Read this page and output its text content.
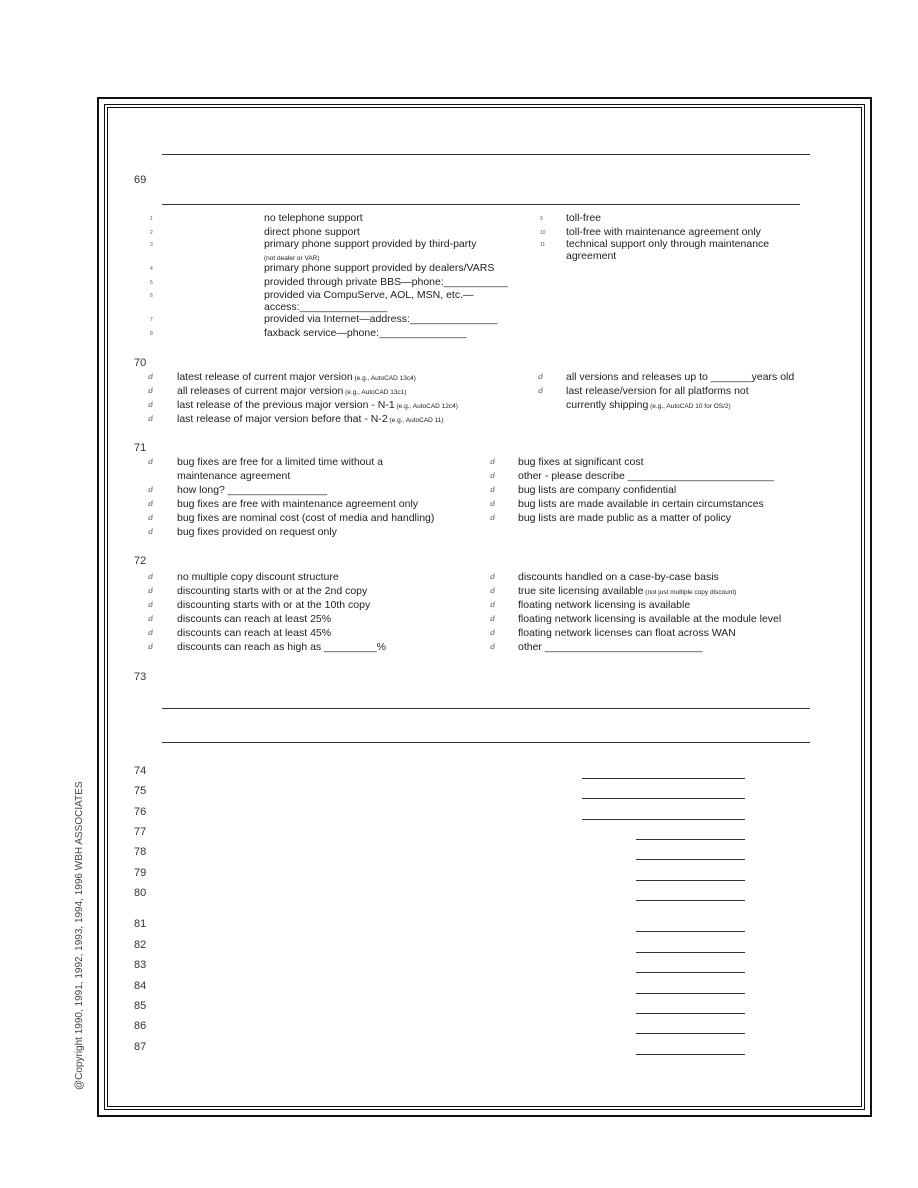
69
1	no telephone support
2	direct phone support
3	primary phone support provided by third-party
(not dealer or VAR)
4	primary phone support provided by dealers/VARS
5	provided through private BBS—phone:___________
6	provided via CompuServe, AOL, MSN, etc.—
access:_______________
7	provided via Internet—address:_______________
8	faxback service—phone:_______________
9 toll-free
10 toll-free with maintenance agreement only
11 technical support only through maintenance
agreement
70
ⅆ latest release of current major version (e.g., AutoCAD 13c4)
ⅆ all releases of current major version (e.g., AutoCAD 13c1)
ⅆ last release of the previous major version - N-1 (e.g., AutoCAD 12c4)
ⅆ last release of major version before that - N-2 (e.g., AutoCAD 11)
ⅆ all versions and releases up to _______years old
ⅆ last release/version for all platforms not
currently shipping (e.g., AutoCAD 10 for OS/2)
71
ⅆ bug fixes are free for a limited time without a
maintenance agreement
ⅆ how long? _________________
ⅆ bug fixes are free with maintenance agreement only
ⅆ bug fixes are nominal cost (cost of media and handling)
ⅆ bug fixes provided on request only
ⅆ bug fixes at significant cost
ⅆ other - please describe _________________________
ⅆ bug lists are company confidential
ⅆ bug lists are made available in certain circumstances
ⅆ bug lists are made public as a matter of policy
72
ⅆ no multiple copy discount structure
ⅆ discounting starts with or at the 2nd copy
ⅆ discounting starts with or at the 10th copy
ⅆ discounts can reach at least 25%
ⅆ discounts can reach at least 45%
ⅆ discounts can reach as high as _________%
ⅆ discounts handled on a case-by-case basis
ⅆ true site licensing available (not just multiple copy discount)
ⅆ floating network licensing is available
ⅆ floating network licensing is available at the module level
ⅆ floating network licenses can float across WAN
ⅆ other ___________________________
73
74
75
76
77
78
79
80
81
82
83
84
85
86
87
@Copyright 1990, 1991, 1992, 1993, 1994, 1996 WBH ASSOCIATES
